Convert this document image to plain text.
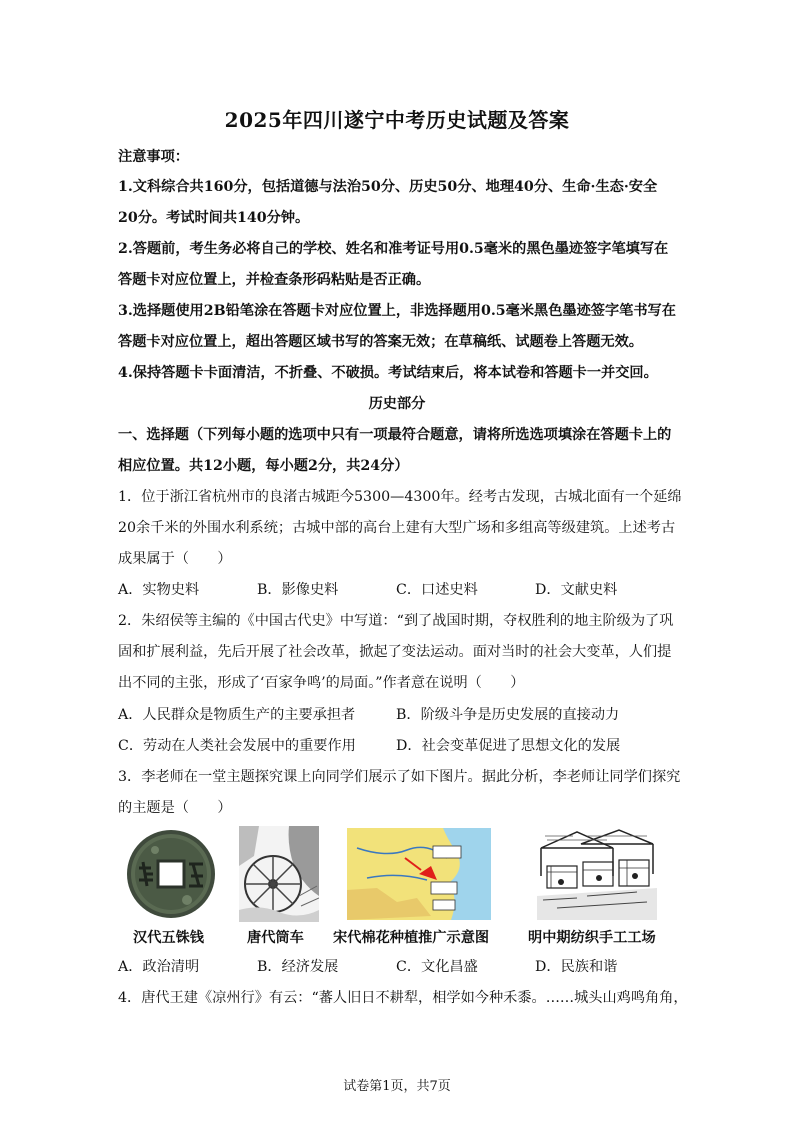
2025年四川遂宁中考历史试题及答案
注意事项：
1.文科综合共160分，包括道德与法治50分、历史50分、地理40分、生命·生态·安全
20分。考试时间共140分钟。
2.答题前，考生务必将自己的学校、姓名和准考证号用0.5毫米的黑色墨迹签字笔填写在
答题卡对应位置上，并检查条形码粘贴是否正确。
3.选择题使用2B铅笔涂在答题卡对应位置上，非选择题用0.5毫米黑色墨迹签字笔书写在
答题卡对应位置上，超出答题区域书写的答案无效；在草稿纸、试题卷上答题无效。
4.保持答题卡卡面清洁，不折叠、不破损。考试结束后，将本试卷和答题卡一并交回。
历史部分
一、选择题（下列每小题的选项中只有一项最符合题意，请将所选选项填涂在答题卡上的
相应位置。共12小题，每小题2分，共24分）
1．位于浙江省杭州市的良渚古城距今5300—4300年。经考古发现，古城北面有一个延绵
20余千米的外围水利系统；古城中部的高台上建有大型广场和多组高等级建筑。上述考古
成果属于（　　）
A．实物史料	B．影像史料	C．口述史料	D．文献史料
2．朱绍侯等主编的《中国古代史》中写道：“到了战国时期，夺权胜利的地主阶级为了巩
固和扩展利益，先后开展了社会改革，掀起了变法运动。面对当时的社会大变革，人们提
出不同的主张，形成了‘百家争鸣’的局面。”作者意在说明（　　）
A．人民群众是物质生产的主要承担者	B．阶级斗争是历史发展的直接动力
C．劳动在人类社会发展中的重要作用	D．社会变革促进了思想文化的发展
3．李老师在一堂主题探究课上向同学们展示了如下图片。据此分析，李老师让同学们探究
的主题是（　　）
汉代五铢钱	唐代筒车 宋代棉花种植推广示意图	明中期纺织手工工场
A．政治清明	B．经济发展	C．文化昌盛	D．民族和谐
4．唐代王建《凉州行》有云：“蕃人旧日不耕犁，相学如今种禾黍。……城头山鸡鸣角角，
试卷第1页，共7页
